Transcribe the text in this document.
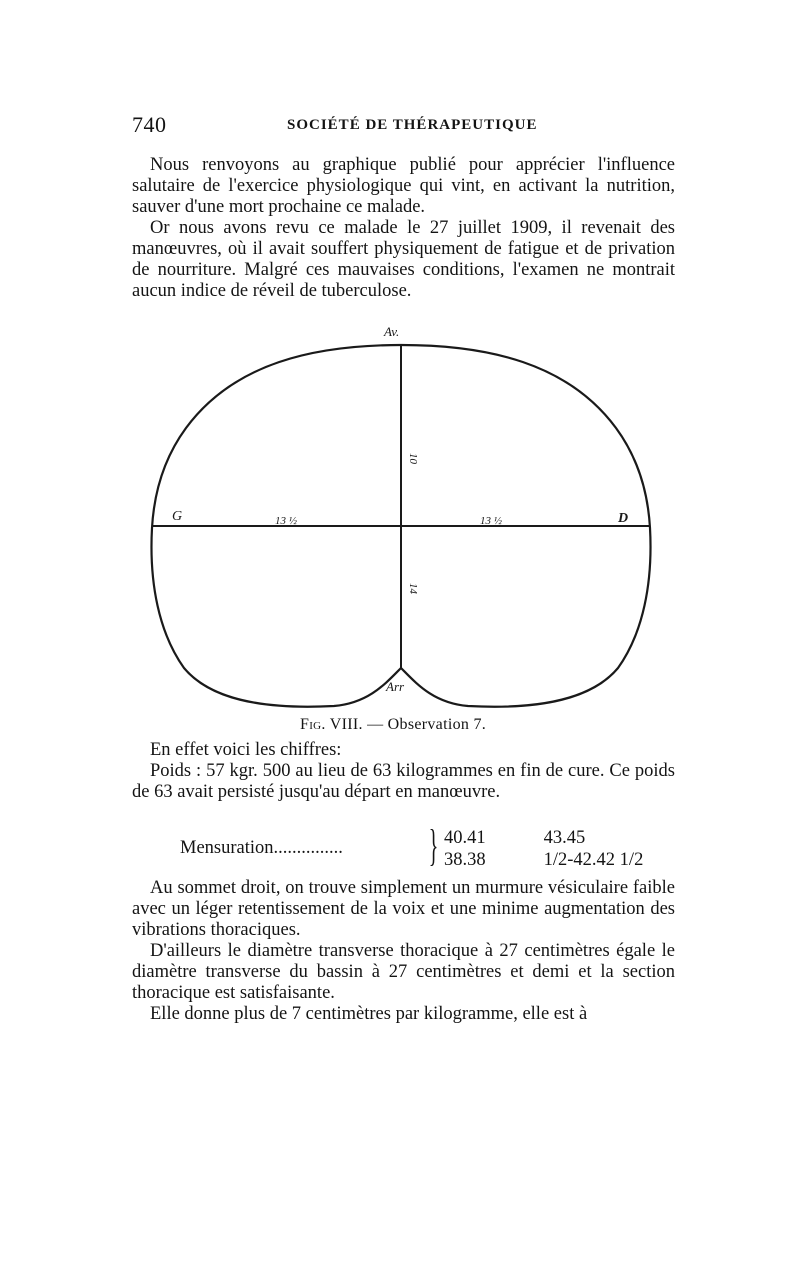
740	SOCIÉTÉ DE THÉRAPEUTIQUE

Nous renvoyons au graphique publié pour apprécier l'influence salutaire de l'exercice physiologique qui vint, en activant la nutrition, sauver d'une mort prochaine ce malade.

Or nous avons revu ce malade le 27 juillet 1909, il revenait des manœuvres, où il avait souffert physiquement de fatigue et de privation de nourriture. Malgré ces mauvaises conditions, l'examen ne montrait aucun indice de réveil de tuberculose.

Av.
Arr
G	D
13 ½	13 ½
10
14
Fig. VIII. — Observation 7.

En effet voici les chiffres:

Poids : 57 kgr. 500 au lieu de 63 kilogrammes en fin de cure. Ce poids de 63 avait persisté jusqu'au départ en manœuvre.

Mensuration............... } 40.41	43.45
38.38	1/2-42.42 1/2

Au sommet droit, on trouve simplement un murmure vésiculaire faible avec un léger retentissement de la voix et une minime augmentation des vibrations thoraciques.

D'ailleurs le diamètre transverse thoracique à 27 centimètres égale le diamètre transverse du bassin à 27 centimètres et demi et la section thoracique est satisfaisante.

Elle donne plus de 7 centimètres par kilogramme, elle est à
